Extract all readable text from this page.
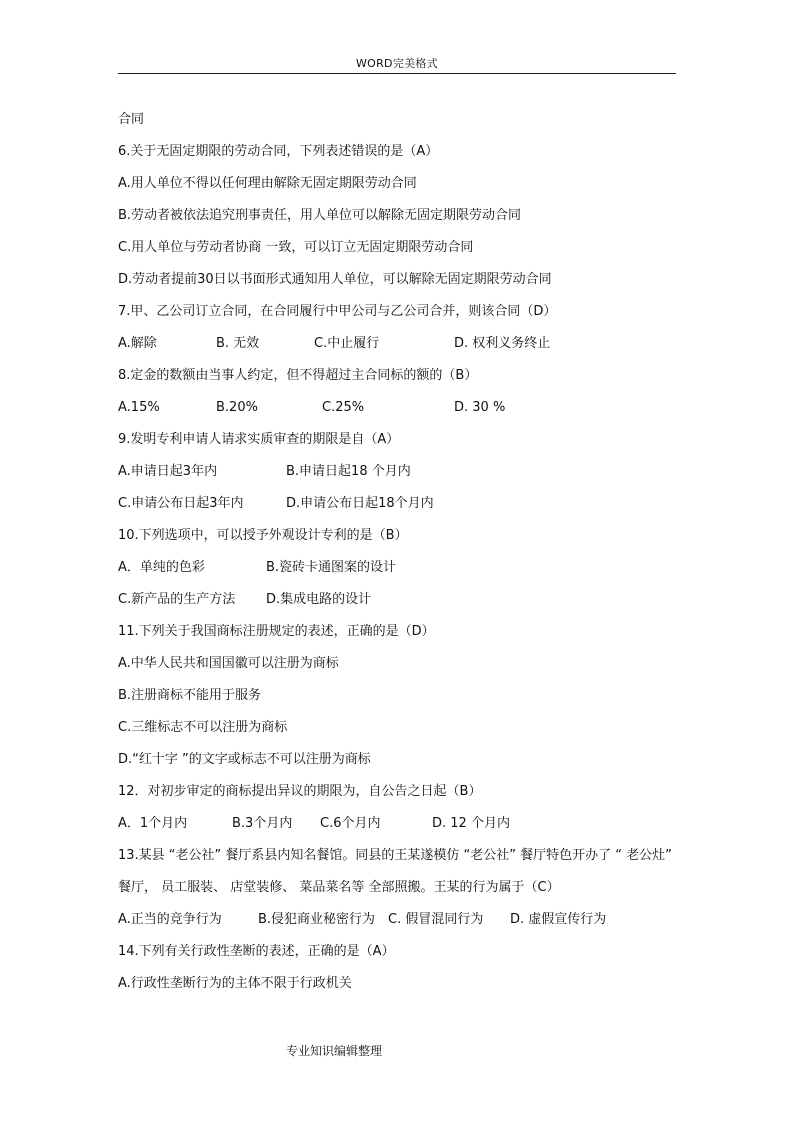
WORD完美格式
合同
6.关于无固定期限的劳动合同，下列表述错误的是（A）
A.用人单位不得以任何理由解除无固定期限劳动合同
B.劳动者被依法追究刑事责任，用人单位可以解除无固定期限劳动合同
C.用人单位与劳动者协商 一致，可以订立无固定期限劳动合同
D.劳动者提前30日以书面形式通知用人单位，可以解除无固定期限劳动合同
7.甲、乙公司订立合同，在合同履行中甲公司与乙公司合并，则该合同（D）
A.解除	B. 无效	C.中止履行	D. 权利义务终止
8.定金的数额由当事人约定，但不得超过主合同标的额的（B）
A.15%	B.20%	C.25%	D. 30 %
9.发明专利申请人请求实质审查的期限是自（A）
A.申请日起3年内	B.申请日起18 个月内
C.申请公布日起3年内	D.申请公布日起18个月内
10.下列选项中，可以授予外观设计专利的是（B）
A．单纯的色彩	B.瓷砖卡通图案的设计
C.新产品的生产方法	D.集成电路的设计
11.下列关于我国商标注册规定的表述，正确的是（D）
A.中华人民共和国国徽可以注册为商标
B.注册商标不能用于服务
C.三维标志不可以注册为商标
D.“红十字 ”的文字或标志不可以注册为商标
12．对初步审定的商标提出异议的期限为，自公告之日起（B）
A．1个月内	B.3个月内	C.6个月内	D. 12 个月内
13.某县 “老公社” 餐厅系县内知名餐馆。同县的王某遂模仿 “老公社” 餐厅特色开办了 “ 老公灶” 餐厅， 员工服装、 店堂装修、 菜品菜名等 全部照搬。王某的行为属于（C）
A.正当的竞争行为	B.侵犯商业秘密行为 C. 假冒混同行为	D. 虚假宣传行为
14.下列有关行政性垄断的表述，正确的是（A）
A.行政性垄断行为的主体不限于行政机关
专业知识编辑整理
